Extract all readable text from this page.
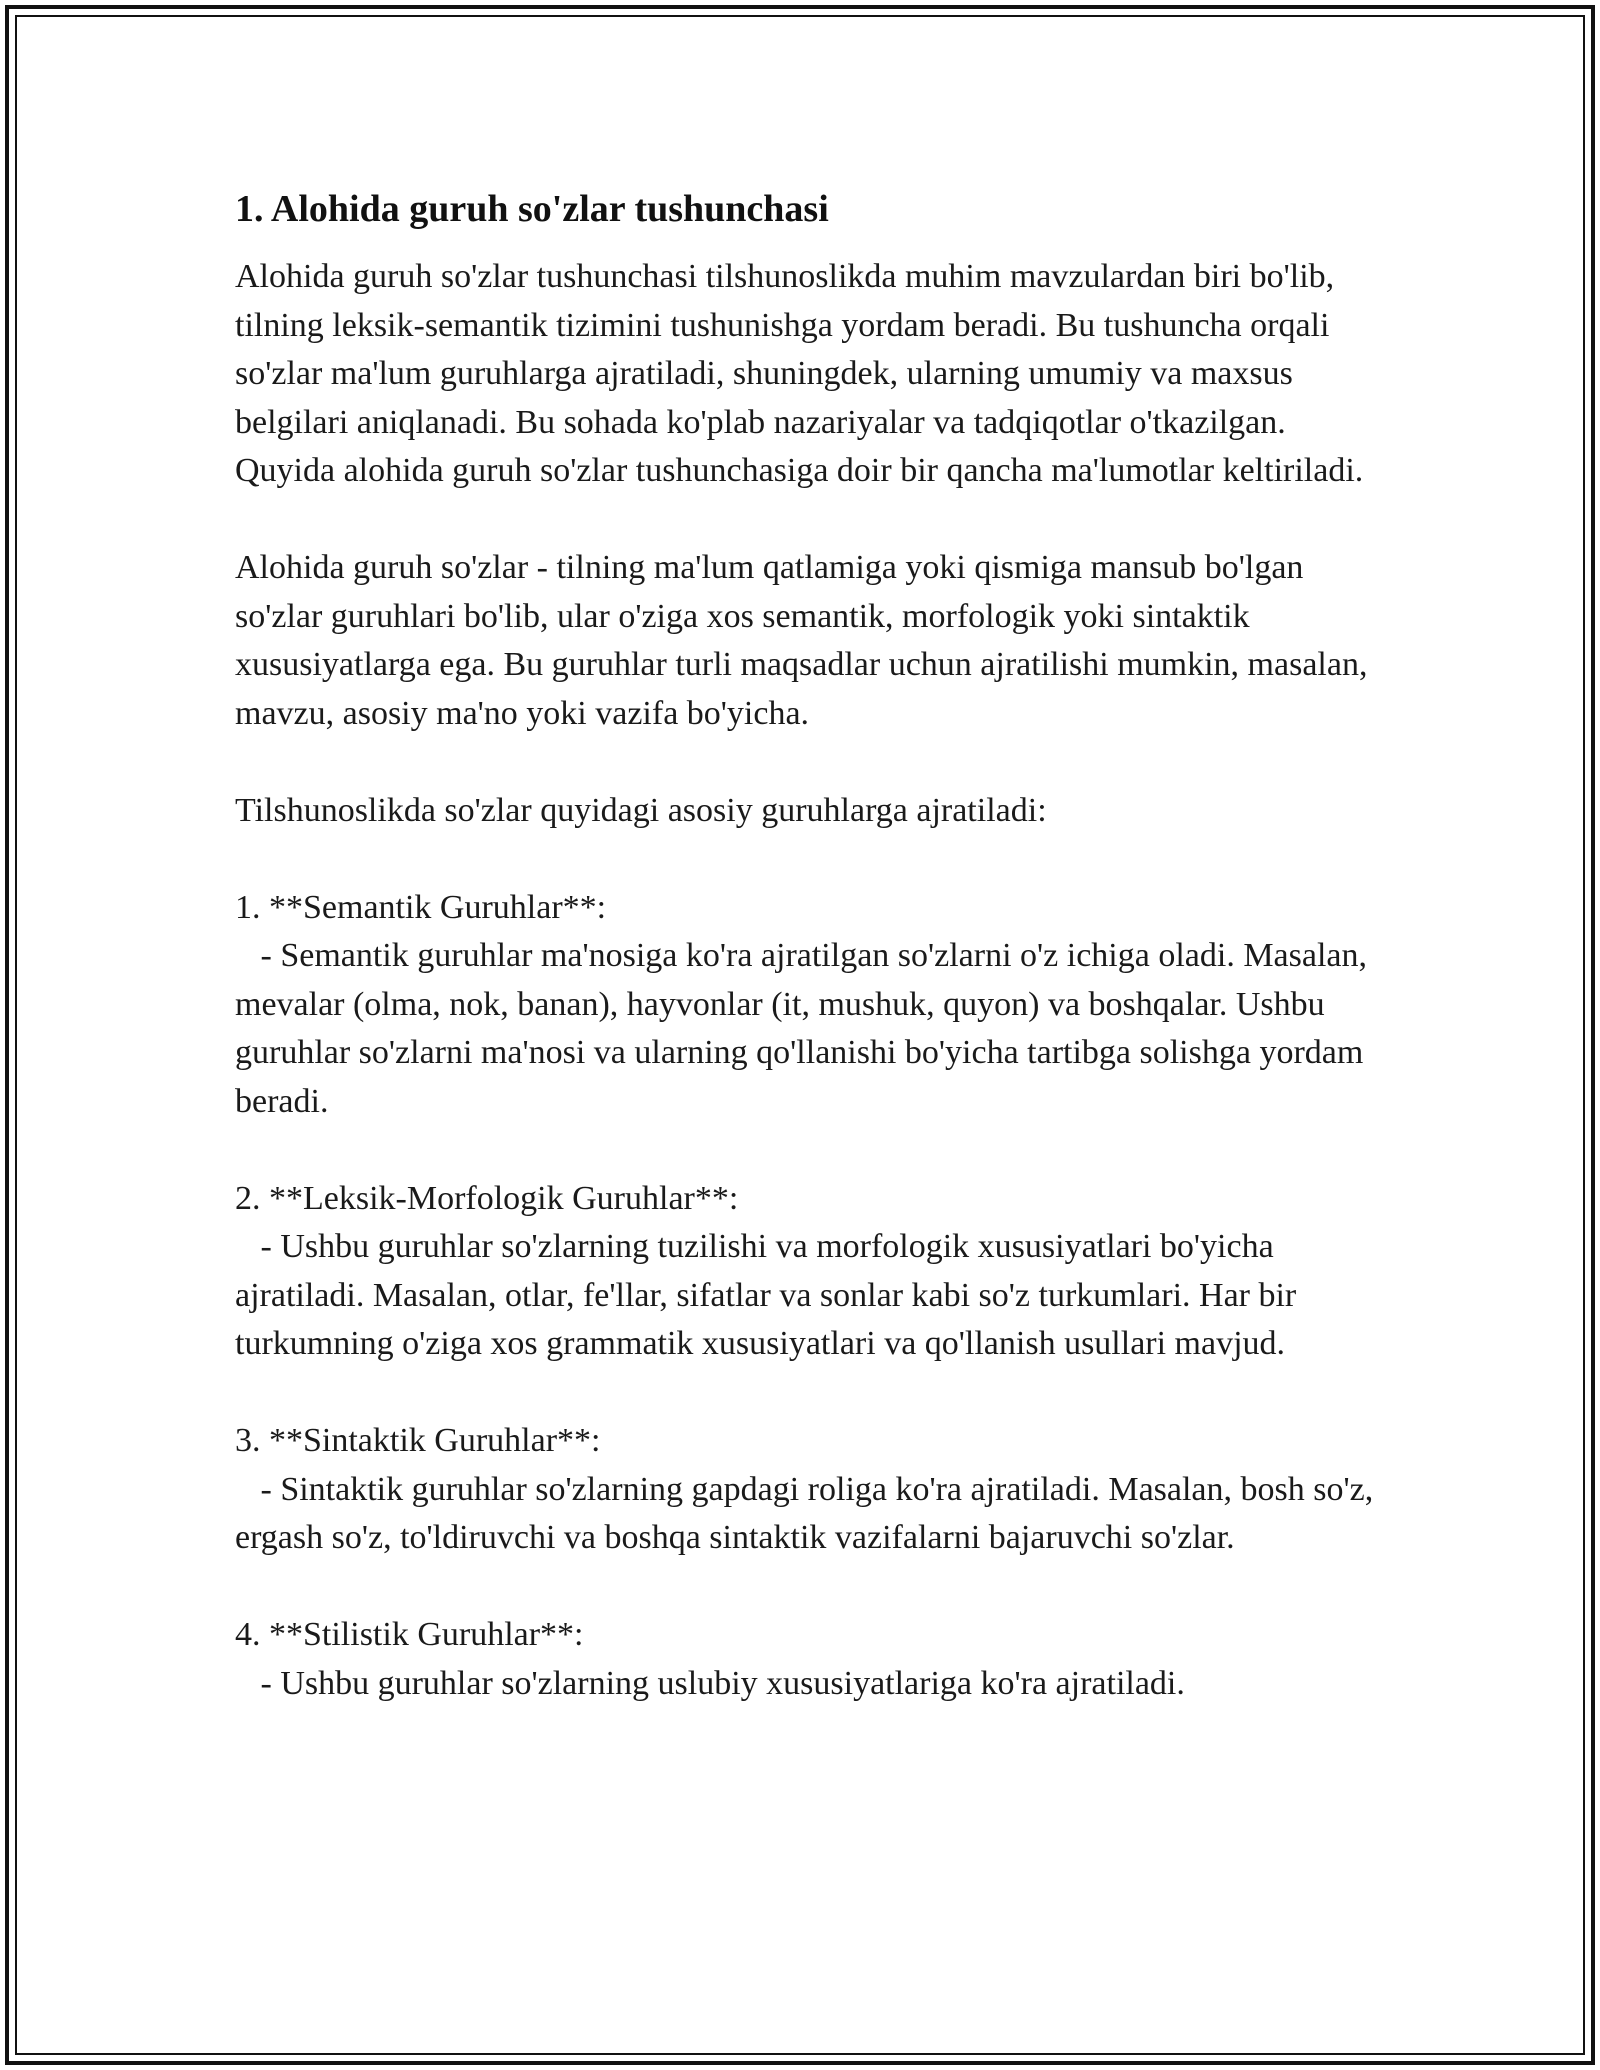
1. Alohida guruh so'zlar tushunchasi

Alohida guruh so'zlar tushunchasi tilshunoslikda muhim mavzulardan biri bo'lib, tilning leksik-semantik tizimini tushunishga yordam beradi. Bu tushuncha orqali so'zlar ma'lum guruhlarga ajratiladi, shuningdek, ularning umumiy va maxsus belgilari aniqlanadi. Bu sohada ko'plab nazariyalar va tadqiqotlar o'tkazilgan. Quyida alohida guruh so'zlar tushunchasiga doir bir qancha ma'lumotlar keltiriladi.

Alohida guruh so'zlar - tilning ma'lum qatlamiga yoki qismiga mansub bo'lgan so'zlar guruhlari bo'lib, ular o'ziga xos semantik, morfologik yoki sintaktik xususiyatlarga ega. Bu guruhlar turli maqsadlar uchun ajratilishi mumkin, masalan, mavzu, asosiy ma'no yoki vazifa bo'yicha.

Tilshunoslikda so'zlar quyidagi asosiy guruhlarga ajratiladi:

1. **Semantik Guruhlar**:
- Semantik guruhlar ma'nosiga ko'ra ajratilgan so'zlarni o'z ichiga oladi. Masalan, mevalar (olma, nok, banan), hayvonlar (it, mushuk, quyon) va boshqalar. Ushbu guruhlar so'zlarni ma'nosi va ularning qo'llanishi bo'yicha tartibga solishga yordam beradi.

2. **Leksik-Morfologik Guruhlar**:
- Ushbu guruhlar so'zlarning tuzilishi va morfologik xususiyatlari bo'yicha ajratiladi. Masalan, otlar, fe'llar, sifatlar va sonlar kabi so'z turkumlari. Har bir turkumning o'ziga xos grammatik xususiyatlari va qo'llanish usullari mavjud.

3. **Sintaktik Guruhlar**:
- Sintaktik guruhlar so'zlarning gapdagi roliga ko'ra ajratiladi. Masalan, bosh so'z, ergash so'z, to'ldiruvchi va boshqa sintaktik vazifalarni bajaruvchi so'zlar.

4. **Stilistik Guruhlar**:
- Ushbu guruhlar so'zlarning uslubiy xususiyatlariga ko'ra ajratiladi.
